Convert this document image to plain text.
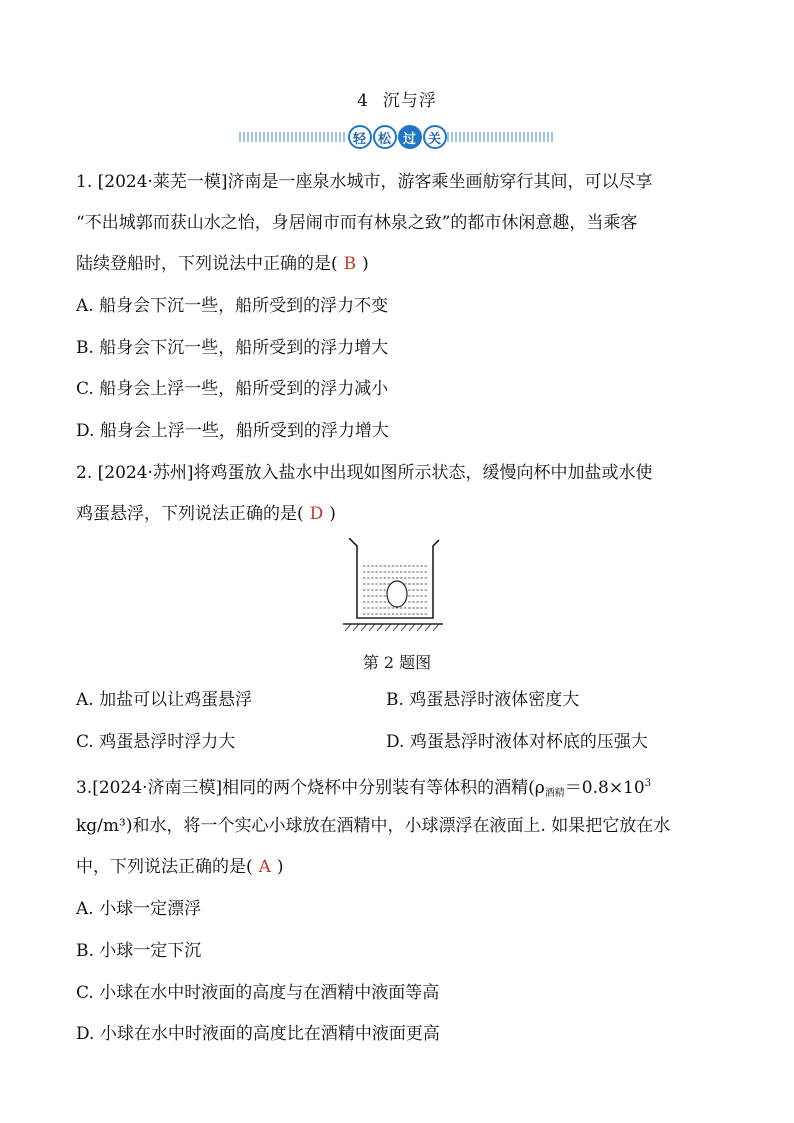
4 沉与浮
轻 松 过 关
1. [2024·莱芜一模]济南是一座泉水城市，游客乘坐画舫穿行其间，可以尽享
“不出城郭而获山水之怡，身居闹市而有林泉之致”的都市休闲意趣，当乘客
陆续登船时，下列说法中正确的是( B )
A. 船身会下沉一些，船所受到的浮力不变
B. 船身会下沉一些，船所受到的浮力增大
C. 船身会上浮一些，船所受到的浮力减小
D. 船身会上浮一些，船所受到的浮力增大
2. [2024·苏州]将鸡蛋放入盐水中出现如图所示状态，缓慢向杯中加盐或水使
鸡蛋悬浮，下列说法正确的是( D )
第 2 题图
A. 加盐可以让鸡蛋悬浮	B. 鸡蛋悬浮时液体密度大
C. 鸡蛋悬浮时浮力大	D. 鸡蛋悬浮时液体对杯底的压强大
3.[2024·济南三模]相同的两个烧杯中分别装有等体积的酒精($\rho_{酒精}=0.8\times 10^3$
kg/m³)和水，将一个实心小球放在酒精中，小球漂浮在液面上. 如果把它放在水
中，下列说法正确的是( A )
A. 小球一定漂浮
B. 小球一定下沉
C. 小球在水中时液面的高度与在酒精中液面等高
D. 小球在水中时液面的高度比在酒精中液面更高
